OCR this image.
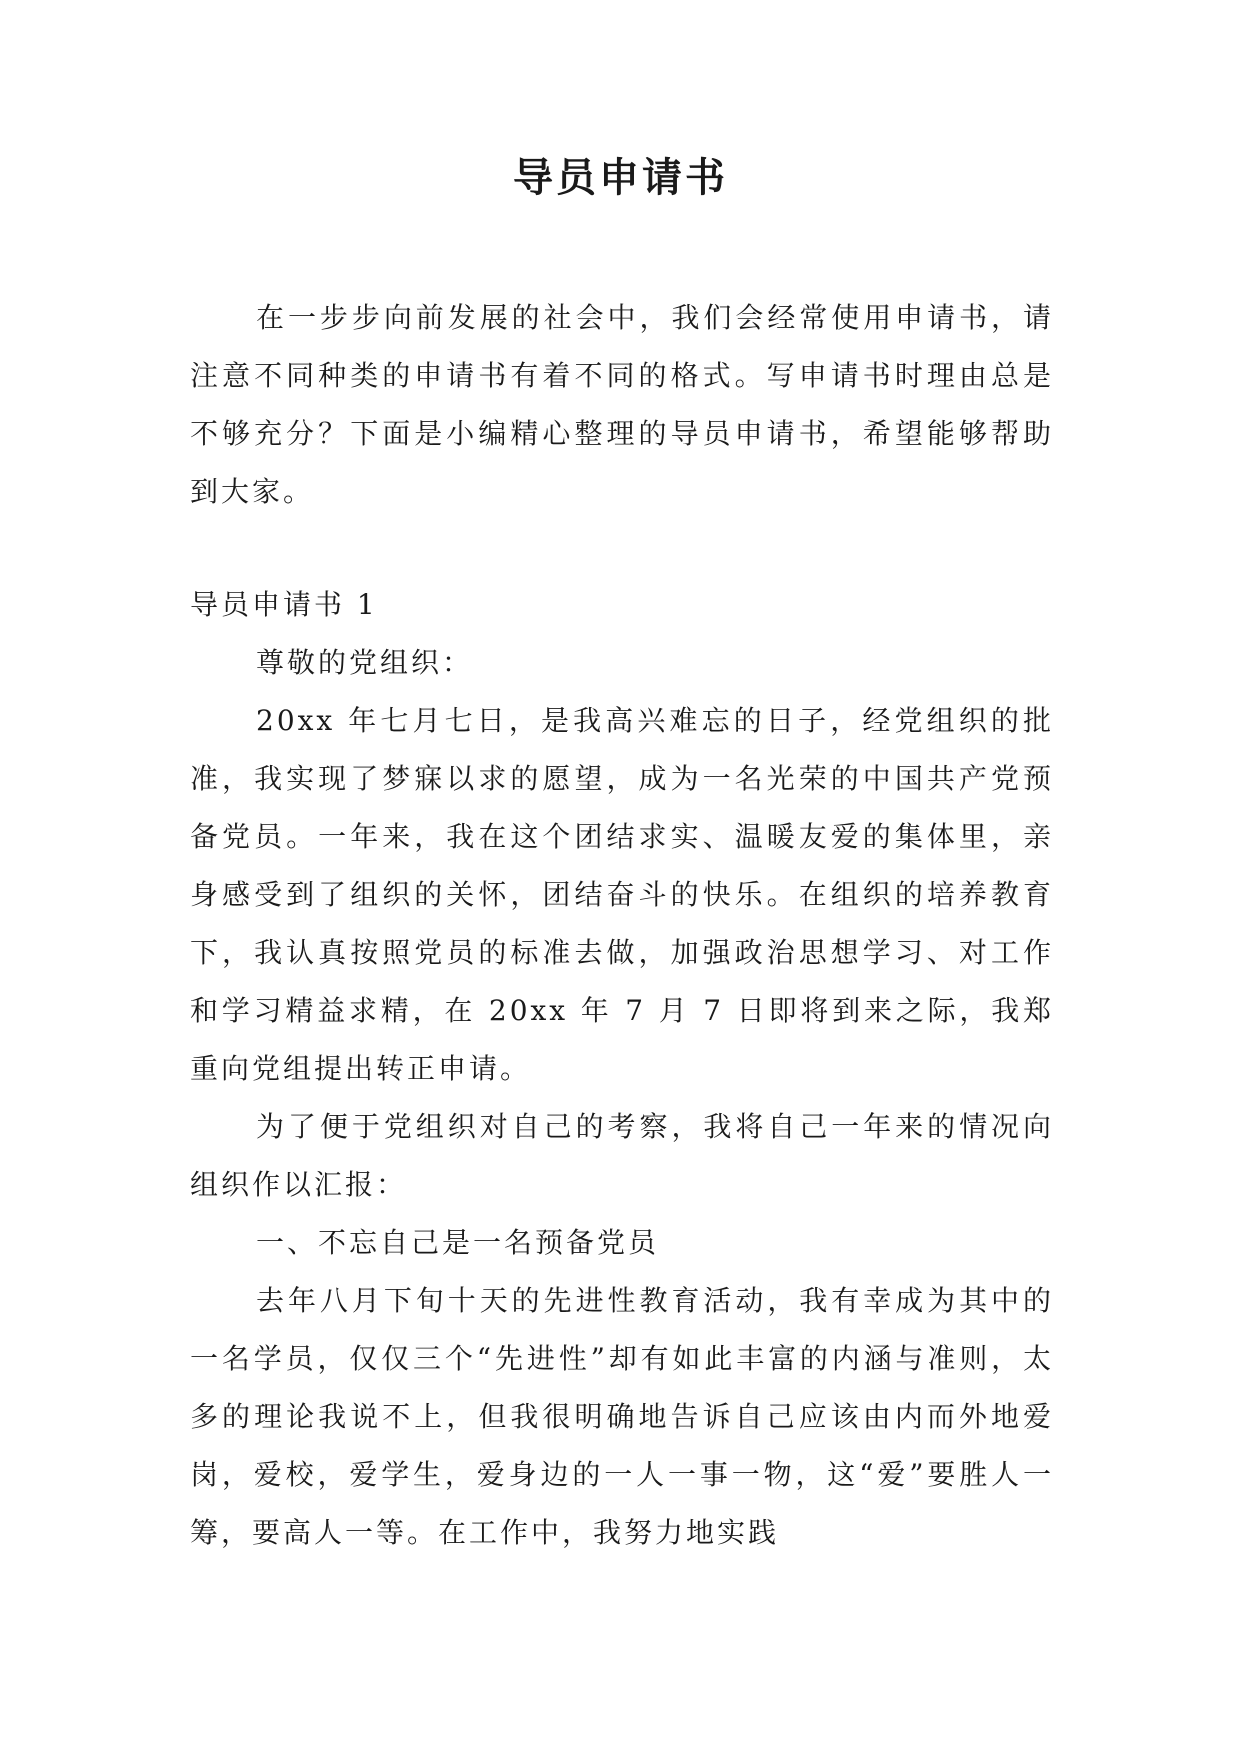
导员申请书

在一步步向前发展的社会中，我们会经常使用申请书，请注意不同种类的申请书有着不同的格式。写申请书时理由总是不够充分？下面是小编精心整理的导员申请书，希望能够帮助到大家。

导员申请书 1

尊敬的党组织：

20xx 年七月七日，是我高兴难忘的日子，经党组织的批准，我实现了梦寐以求的愿望，成为一名光荣的中国共产党预备党员。一年来，我在这个团结求实、温暖友爱的集体里，亲身感受到了组织的关怀，团结奋斗的快乐。在组织的培养教育下，我认真按照党员的标准去做，加强政治思想学习、对工作和学习精益求精，在 20xx 年 7 月 7 日即将到来之际，我郑重向党组提出转正申请。

为了便于党组织对自己的考察，我将自己一年来的情况向组织作以汇报：

一、不忘自己是一名预备党员

去年八月下旬十天的先进性教育活动，我有幸成为其中的一名学员，仅仅三个“先进性”却有如此丰富的内涵与准则，太多的理论我说不上，但我很明确地告诉自己应该由内而外地爱岗，爱校，爱学生，爱身边的一人一事一物，这“爱”要胜人一筹，要高人一等。在工作中，我努力地实践
